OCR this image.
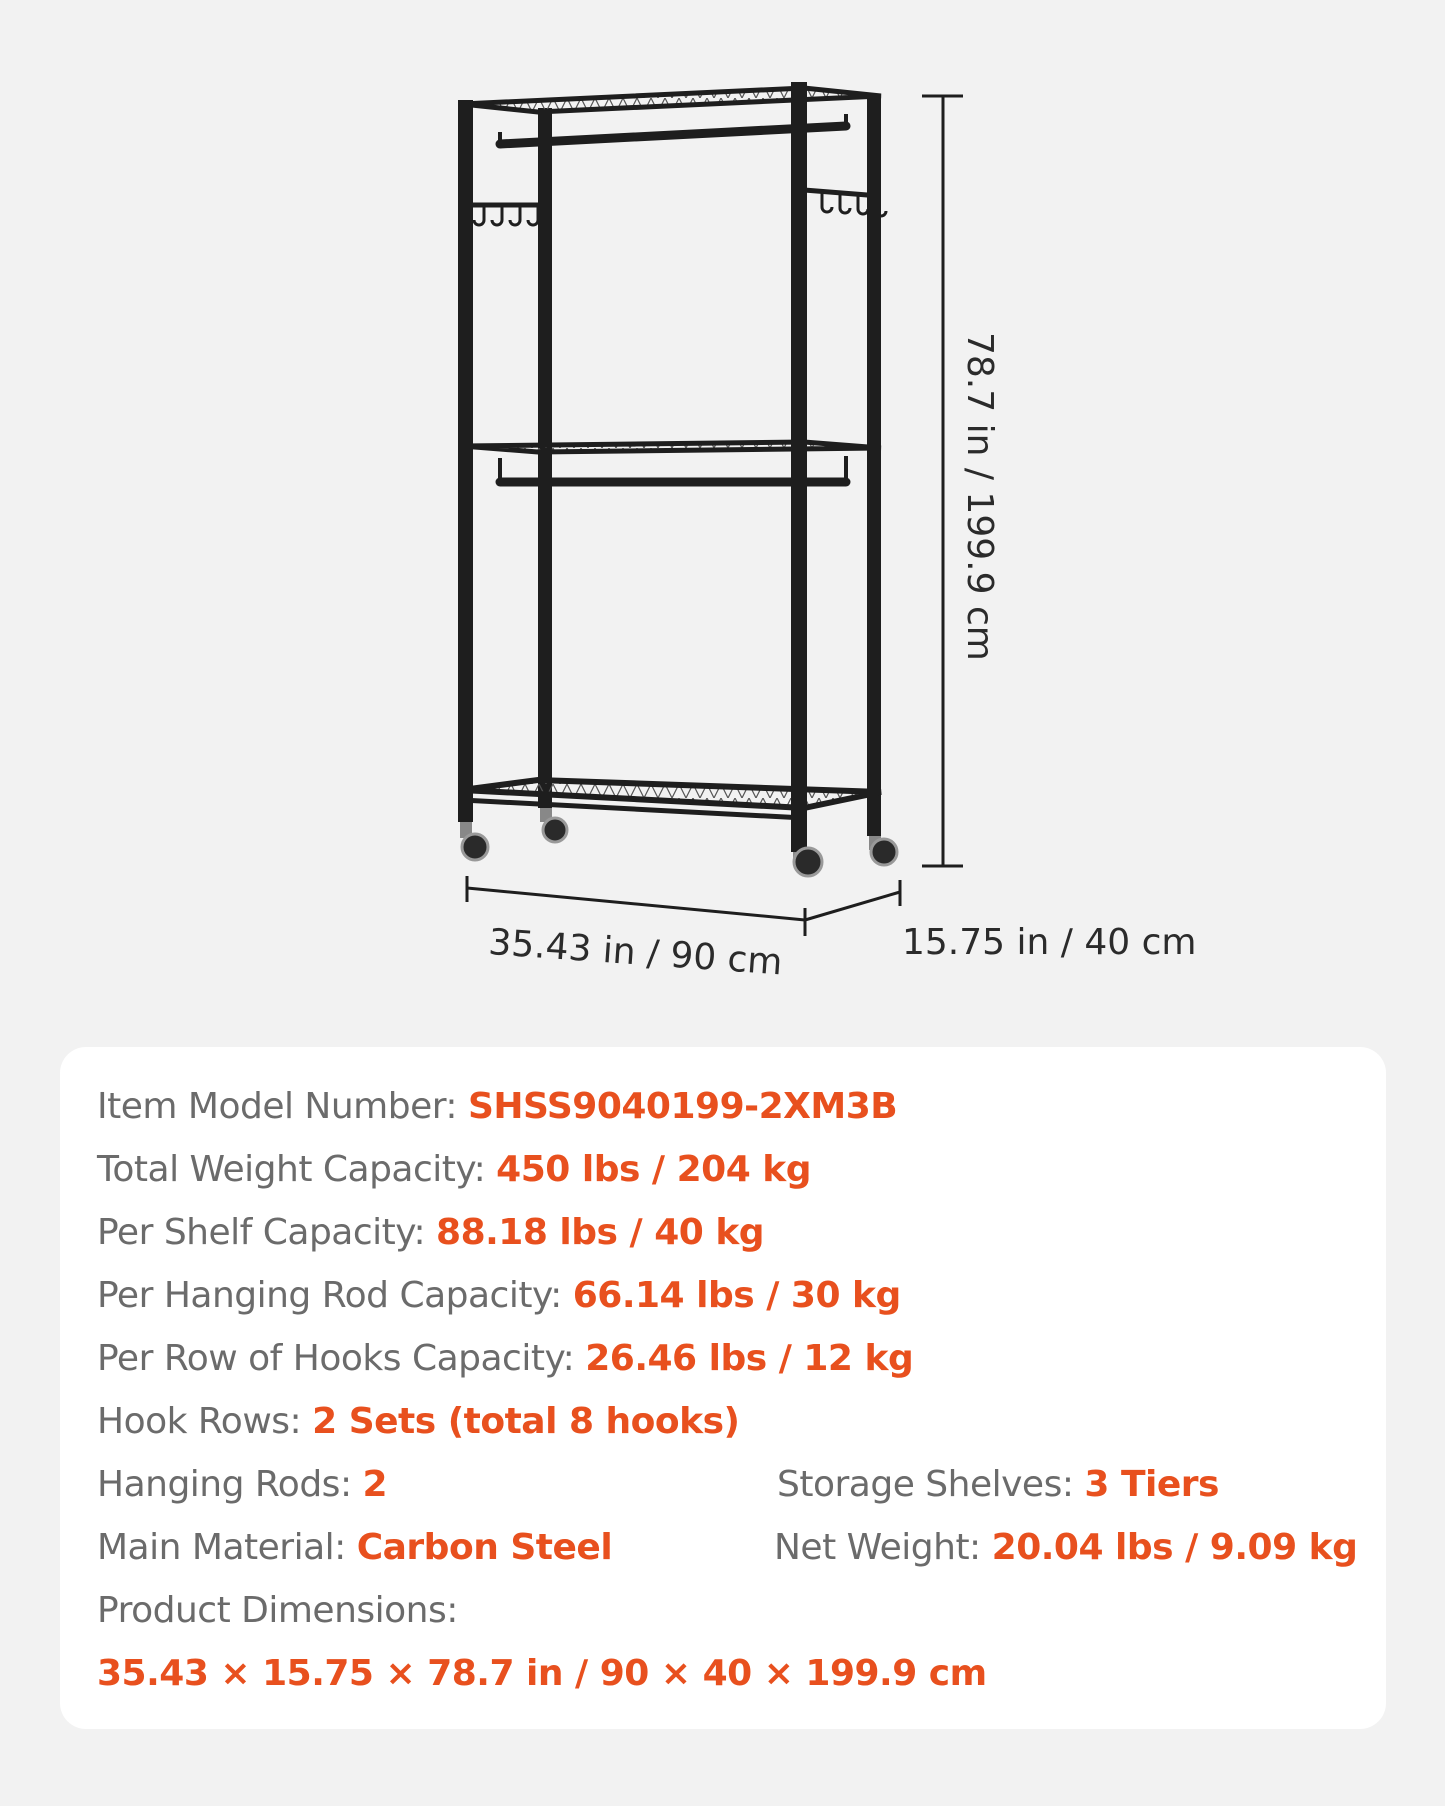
35.43 in / 90 cm	15.75 in / 40 cm
78.7 in / 199.9 cm
Item Model Number: SHSS9040199-2XM3B
Total Weight Capacity: 450 lbs / 204 kg
Per Shelf Capacity: 88.18 lbs / 40 kg
Per Hanging Rod Capacity: 66.14 lbs / 30 kg
Per Row of Hooks Capacity: 26.46 lbs / 12 kg
Hook Rows: 2 Sets (total 8 hooks)
Hanging Rods: 2	Storage Shelves: 3 Tiers
Main Material: Carbon Steel	Net Weight: 20.04 lbs / 9.09 kg
Product Dimensions:
35.43 × 15.75 × 78.7 in / 90 × 40 × 199.9 cm
